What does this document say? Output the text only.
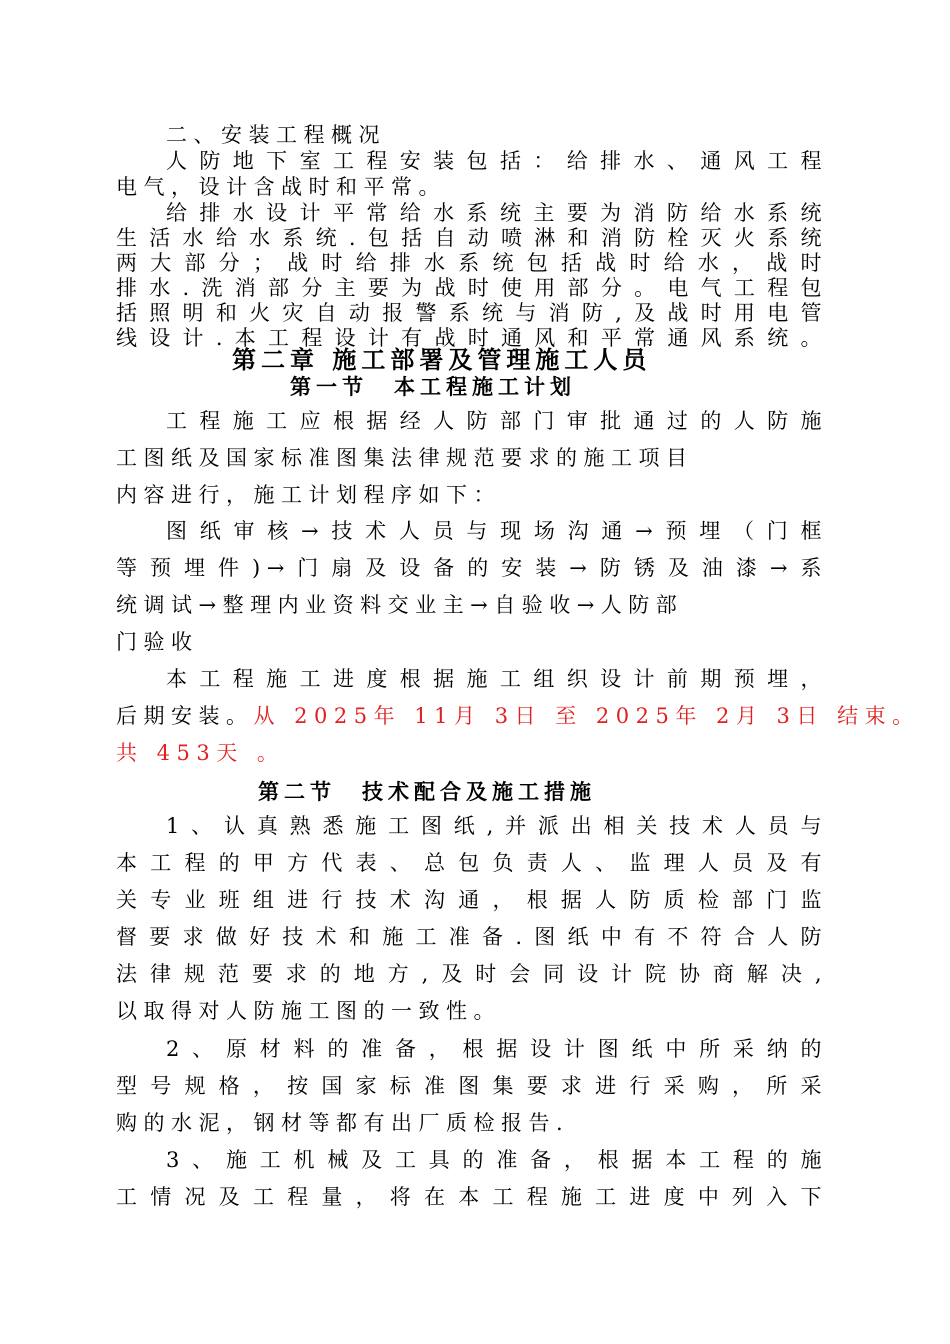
二、安装工程概况
人防地下室工程安装包括：给排水、通风工程
电气，设计含战时和平常。
给排水设计平常给水系统主要为消防给水系统
生活水给水系统.包括自动喷淋和消防栓灭火系统
两大部分；战时给排水系统包括战时给水，战时
排水.洗消部分主要为战时使用部分。电气工程包
括照明和火灾自动报警系统与消防,及战时用电管
线设计.本工程设计有战时通风和平常通风系统。
第二章 施工部署及管理施工人员
第一节 本工程施工计划
工程施工应根据经人防部门审批通过的人防施
工图纸及国家标准图集法律规范要求的施工项目
内容进行，施工计划程序如下：
图纸审核→技术人员与现场沟通→预埋（门框
等预埋件)→门扇及设备的安装→防锈及油漆→系
统调试→整理内业资料交业主→自验收→人防部
门验收
本工程施工进度根据施工组织设计前期预埋，
后期安装。从 2025年 11月 3日 至 2025年 2月 3日 结束。
共 453天 。
第二节 技术配合及施工措施
1、认真熟悉施工图纸,并派出相关技术人员与
本工程的甲方代表、总包负责人、监理人员及有
关专业班组进行技术沟通，根据人防质检部门监
督要求做好技术和施工准备.图纸中有不符合人防
法律规范要求的地方,及时会同设计院协商解决,
以取得对人防施工图的一致性。
2、原材料的准备，根据设计图纸中所采纳的
型号规格，按国家标准图集要求进行采购，所采
购的水泥，钢材等都有出厂质检报告.
3、施工机械及工具的准备，根据本工程的施
工情况及工程量，将在本工程施工进度中列入下
